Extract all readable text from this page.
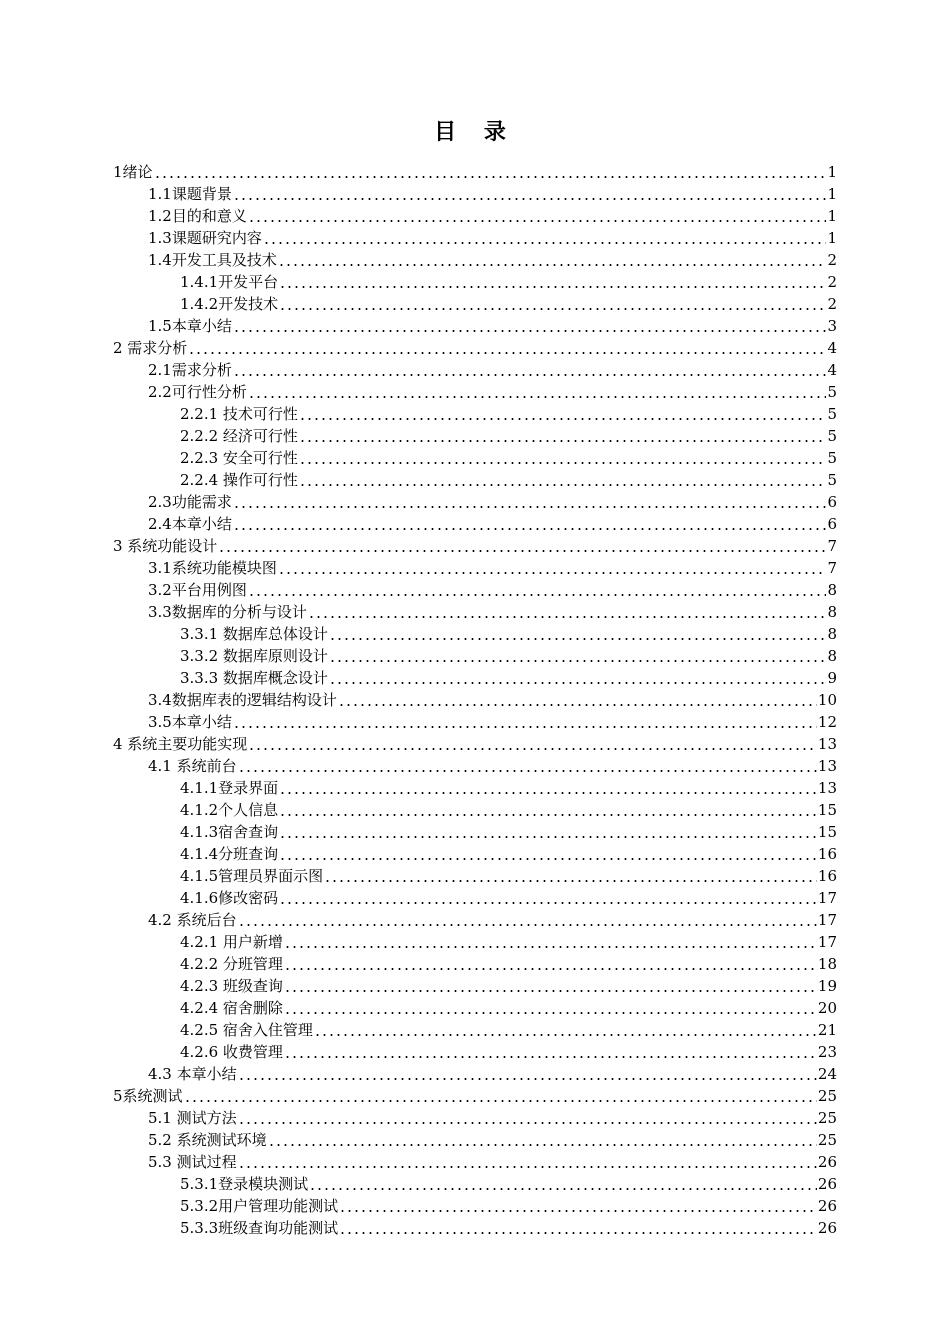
目 录
1绪论	1
1.1课题背景	1
1.2目的和意义	1
1.3课题研究内容	1
1.4开发工具及技术	2
1.4.1开发平台	2
1.4.2开发技术	2
1.5本章小结	3
2 需求分析	4
2.1需求分析	4
2.2可行性分析	5
2.2.1 技术可行性	5
2.2.2 经济可行性	5
2.2.3 安全可行性	5
2.2.4 操作可行性	5
2.3功能需求	6
2.4本章小结	6
3 系统功能设计	7
3.1系统功能模块图	7
3.2平台用例图	8
3.3数据库的分析与设计	8
3.3.1 数据库总体设计	8
3.3.2 数据库原则设计	8
3.3.3 数据库概念设计	9
3.4数据库表的逻辑结构设计	10
3.5本章小结	12
4 系统主要功能实现	13
4.1 系统前台	13
4.1.1登录界面	13
4.1.2个人信息	15
4.1.3宿舍查询	15
4.1.4分班查询	16
4.1.5管理员界面示图	16
4.1.6修改密码	17
4.2 系统后台	17
4.2.1 用户新增	17
4.2.2 分班管理	18
4.2.3 班级查询	19
4.2.4 宿舍删除	20
4.2.5 宿舍入住管理	21
4.2.6 收费管理	23
4.3 本章小结	24
5系统测试	25
5.1 测试方法	25
5.2 系统测试环境	25
5.3 测试过程	26
5.3.1登录模块测试	26
5.3.2用户管理功能测试	26
5.3.3班级查询功能测试	26
